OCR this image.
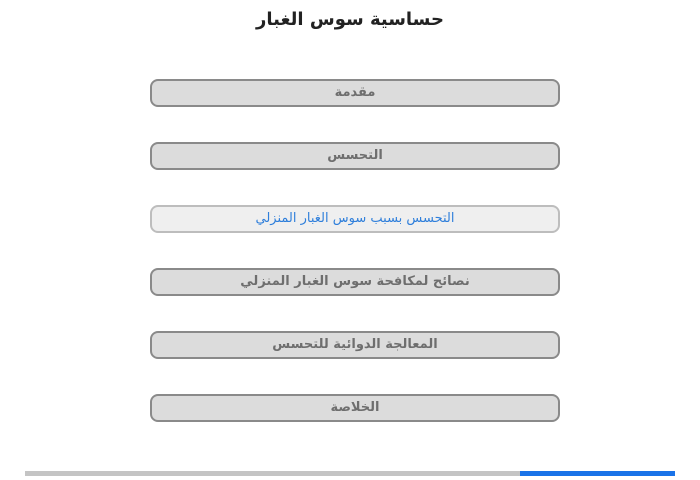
حساسية سوس الغبار
مقدمة
التحسس
التحسس بسبب سوس الغبار المنزلي
نصائح لمكافحة سوس الغبار المنزلي
المعالجة الدوائية للتحسس
الخلاصة
